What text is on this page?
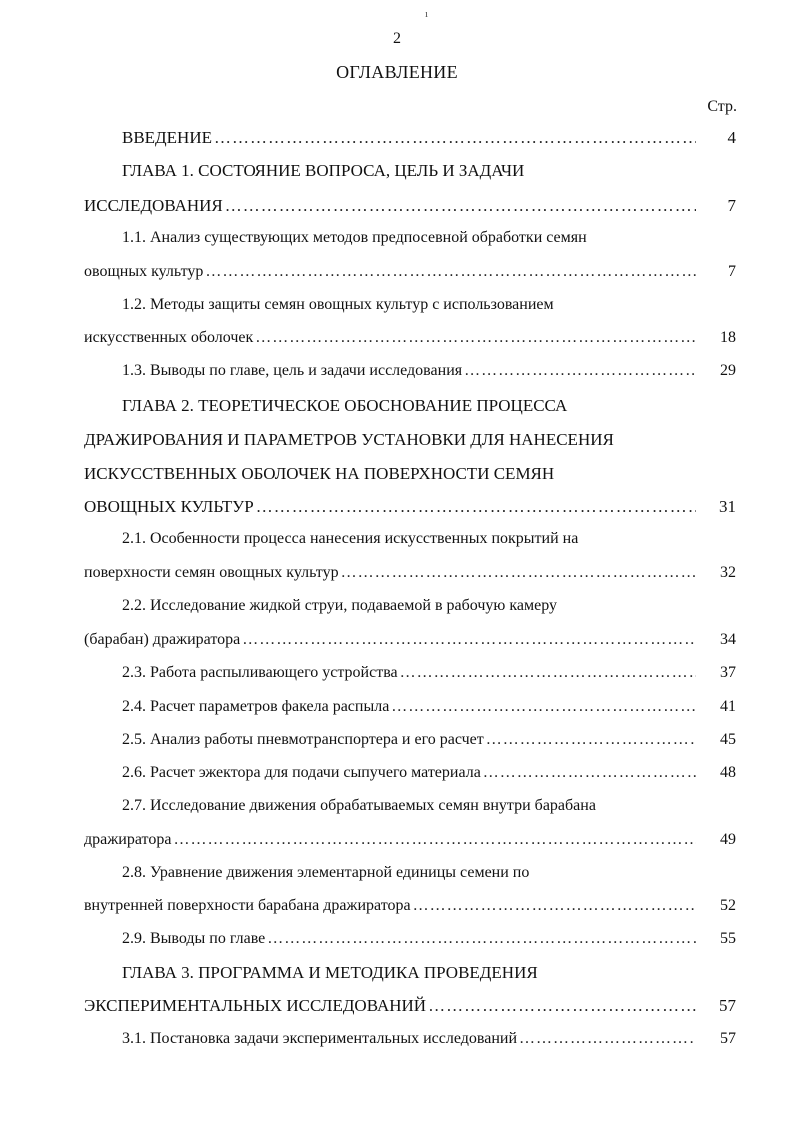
2
ОГЛАВЛЕНИЕ
Стр.
ı
ВВЕДЕНИЕ ……………………………………………………………………………………………………………………………………………………………………	4
ГЛАВА 1. СОСТОЯНИЕ ВОПРОСА, ЦЕЛЬ И ЗАДАЧИ
ИССЛЕДОВАНИЯ ……………………………………………………………………………………………………………………………………………………………………	7
1.1. Анализ существующих методов предпосевной обработки семян
овощных культур ……………………………………………………………………………………………………………………………………………………………………	7
1.2. Методы защиты семян овощных культур с использованием
искусственных оболочек ……………………………………………………………………………………………………………………………………………………………………	18
1.3. Выводы по главе, цель и задачи исследования ……………………………………………………………………………………………………………………………………………………………………	29
ГЛАВА 2. ТЕОРЕТИЧЕСКОЕ ОБОСНОВАНИЕ ПРОЦЕССА
ДРАЖИРОВАНИЯ И ПАРАМЕТРОВ УСТАНОВКИ ДЛЯ НАНЕСЕНИЯ
ИСКУССТВЕННЫХ ОБОЛОЧЕК НА ПОВЕРХНОСТИ СЕМЯН
ОВОЩНЫХ КУЛЬТУР ……………………………………………………………………………………………………………………………………………………………………	31
2.1. Особенности процесса нанесения искусственных покрытий на
поверхности семян овощных культур ……………………………………………………………………………………………………………………………………………………………………	32
2.2. Исследование жидкой струи, подаваемой в рабочую камеру
(барабан) дражиратора ……………………………………………………………………………………………………………………………………………………………………	34
2.3. Работа распыливающего устройства ……………………………………………………………………………………………………………………………………………………………………	37
2.4. Расчет параметров факела распыла ……………………………………………………………………………………………………………………………………………………………………	41
2.5. Анализ работы пневмотранспортера и его расчет ……………………………………………………………………………………………………………………………………………………………………	45
2.6. Расчет эжектора для подачи сыпучего материала ……………………………………………………………………………………………………………………………………………………………………	48
2.7. Исследование движения обрабатываемых семян внутри барабана
дражиратора ……………………………………………………………………………………………………………………………………………………………………	49
2.8. Уравнение движения элементарной единицы семени по
внутренней поверхности барабана дражиратора ……………………………………………………………………………………………………………………………………………………………………	52
2.9. Выводы по главе ……………………………………………………………………………………………………………………………………………………………………	55
ГЛАВА 3. ПРОГРАММА И МЕТОДИКА ПРОВЕДЕНИЯ
ЭКСПЕРИМЕНТАЛЬНЫХ ИССЛЕДОВАНИЙ ……………………………………………………………………………………………………………………………………………………………………	57
3.1. Постановка задачи экспериментальных исследований ……………………………………………………………………………………………………………………………………………………………………	57
